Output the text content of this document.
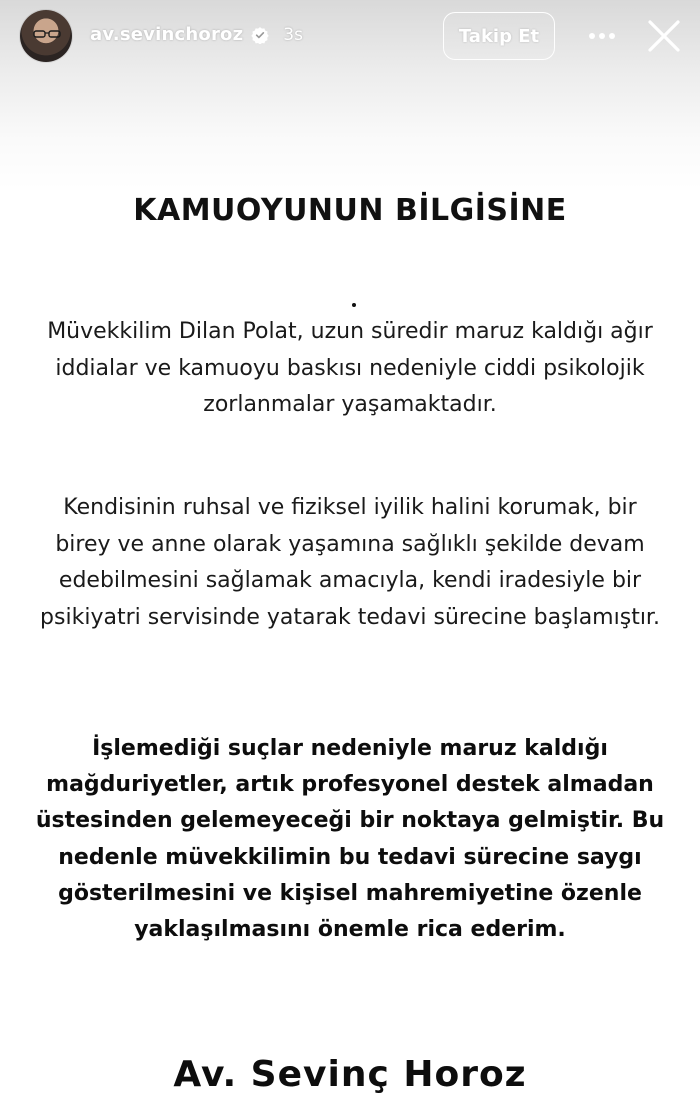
av.sevinchoroz 3s	Takip Et
KAMUOYUNUN BİLGİSİNE

Müvekkilim Dilan Polat, uzun süredir maruz kaldığı ağır iddialar ve kamuoyu baskısı nedeniyle ciddi psikolojik zorlanmalar yaşamaktadır.

Kendisinin ruhsal ve fiziksel iyilik halini korumak, bir birey ve anne olarak yaşamına sağlıklı şekilde devam edebilmesini sağlamak amacıyla, kendi iradesiyle bir psikiyatri servisinde yatarak tedavi sürecine başlamıştır.

İşlemediği suçlar nedeniyle maruz kaldığı mağduriyetler, artık profesyonel destek almadan üstesinden gelemeyeceği bir noktaya gelmiştir. Bu nedenle müvekkilimin bu tedavi sürecine saygı gösterilmesini ve kişisel mahremiyetine özenle yaklaşılmasını önemle rica ederim.

Av. Sevinç Horoz
